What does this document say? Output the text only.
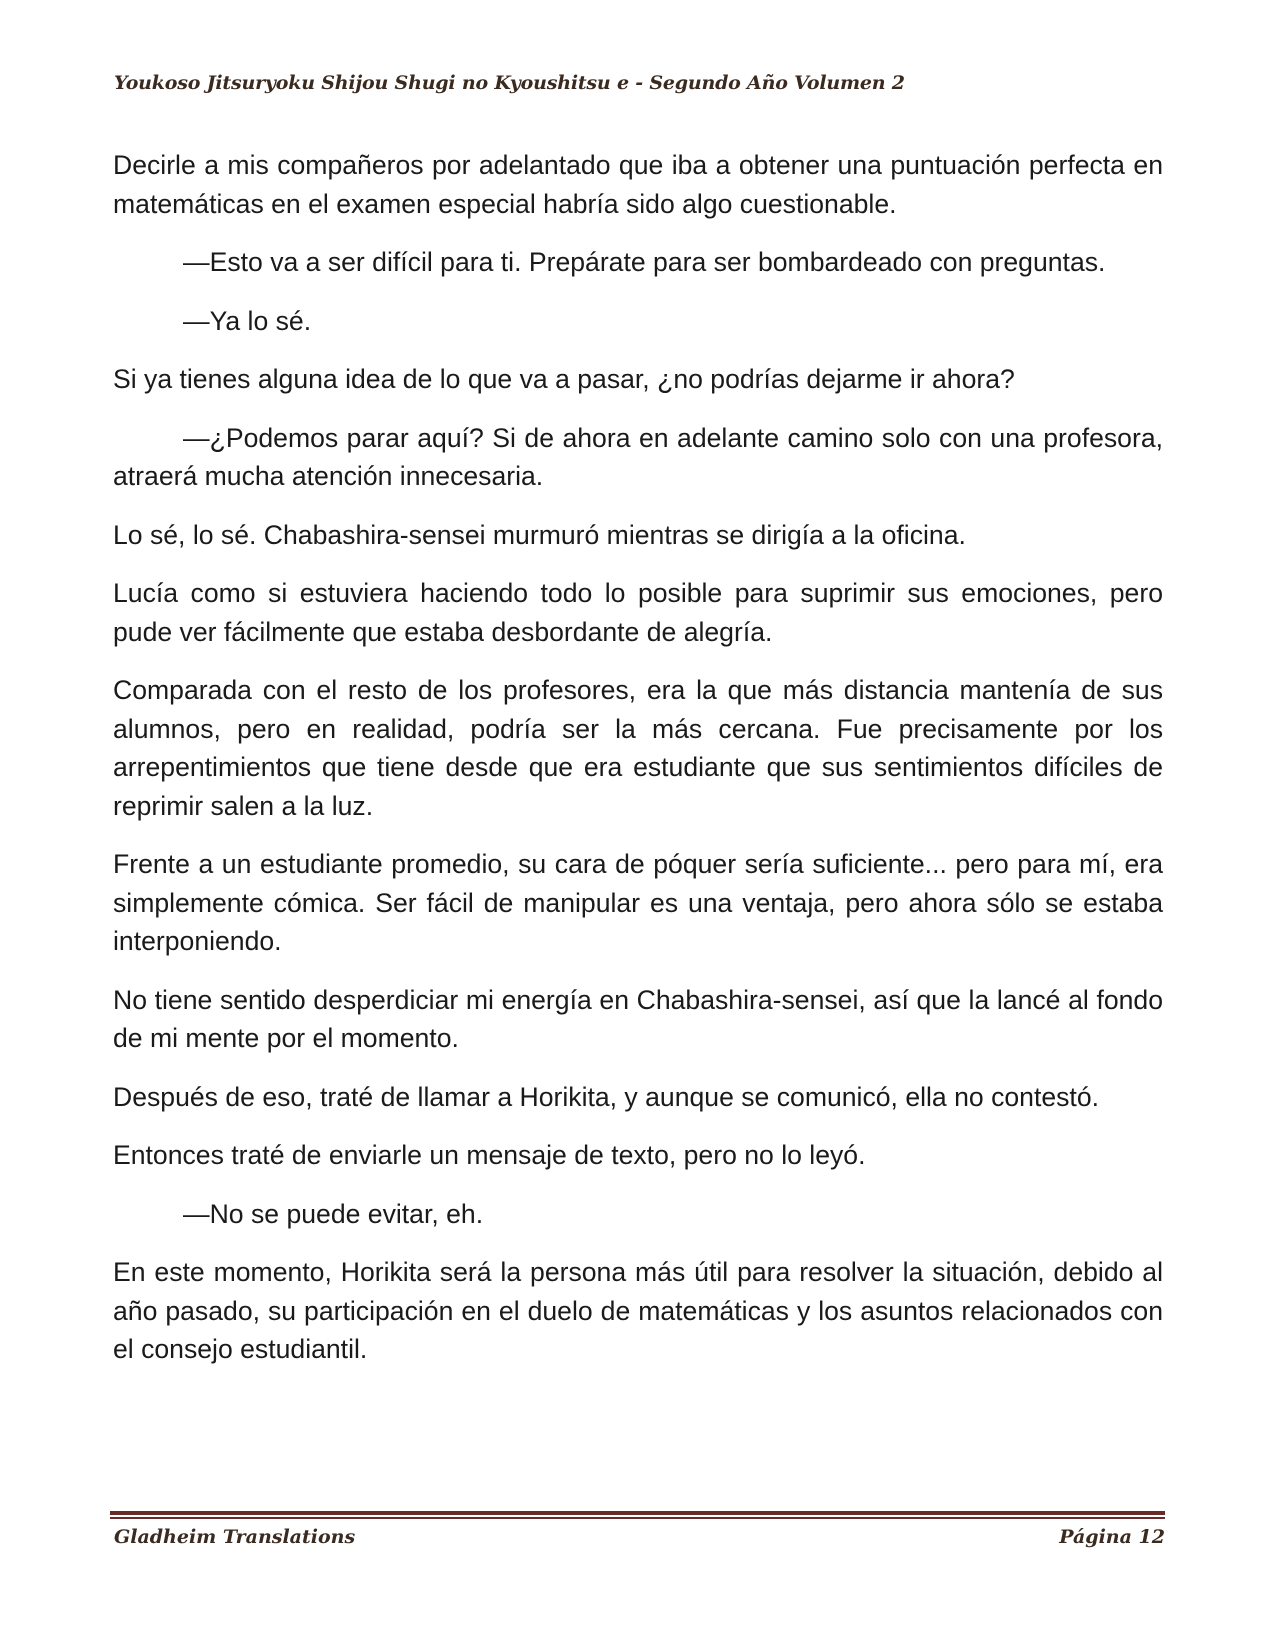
Youkoso Jitsuryoku Shijou Shugi no Kyoushitsu e - Segundo Año Volumen 2

Decirle a mis compañeros por adelantado que iba a obtener una puntuación perfecta en matemáticas en el examen especial habría sido algo cuestionable.

—Esto va a ser difícil para ti. Prepárate para ser bombardeado con preguntas.

—Ya lo sé.

Si ya tienes alguna idea de lo que va a pasar, ¿no podrías dejarme ir ahora?

—¿Podemos parar aquí? Si de ahora en adelante camino solo con una profesora, atraerá mucha atención innecesaria.

Lo sé, lo sé. Chabashira-sensei murmuró mientras se dirigía a la oficina.

Lucía como si estuviera haciendo todo lo posible para suprimir sus emociones, pero pude ver fácilmente que estaba desbordante de alegría.

Comparada con el resto de los profesores, era la que más distancia mantenía de sus alumnos, pero en realidad, podría ser la más cercana. Fue precisamente por los arrepentimientos que tiene desde que era estudiante que sus sentimientos difíciles de reprimir salen a la luz.

Frente a un estudiante promedio, su cara de póquer sería suficiente... pero para mí, era simplemente cómica. Ser fácil de manipular es una ventaja, pero ahora sólo se estaba interponiendo.

No tiene sentido desperdiciar mi energía en Chabashira-sensei, así que la lancé al fondo de mi mente por el momento.

Después de eso, traté de llamar a Horikita, y aunque se comunicó, ella no contestó.

Entonces traté de enviarle un mensaje de texto, pero no lo leyó.

—No se puede evitar, eh.

En este momento, Horikita será la persona más útil para resolver la situación, debido al año pasado, su participación en el duelo de matemáticas y los asuntos relacionados con el consejo estudiantil.

Gladheim Translations	Página 12
